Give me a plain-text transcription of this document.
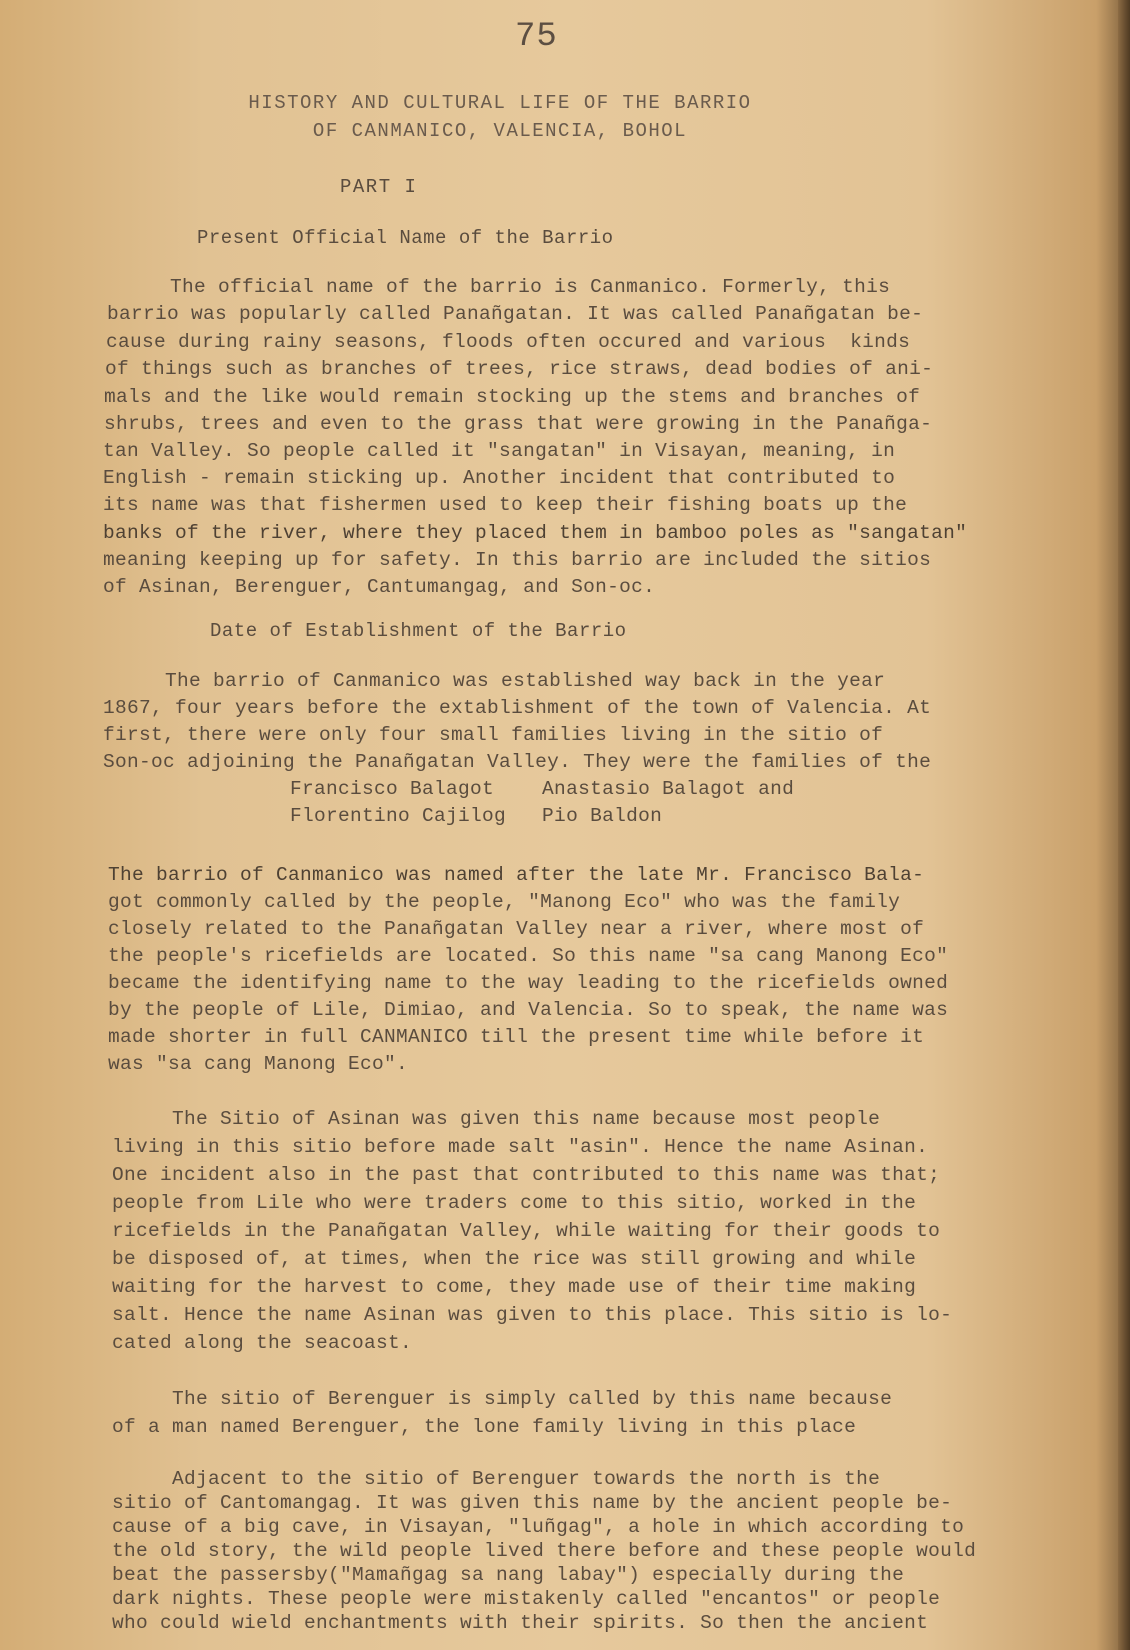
75
HISTORY AND CULTURAL LIFE OF THE BARRIO
OF CANMANICO, VALENCIA, BOHOL
PART I
Present Official Name of the Barrio
Date of Establishment of the Barrio
The official name of the barrio is Canmanico. Formerly, this
barrio was popularly called Panañgatan. It was called Panañgatan be-
cause during rainy seasons, floods often occured and various  kinds
of things such as branches of trees, rice straws, dead bodies of ani-
mals and the like would remain stocking up the stems and branches of
shrubs, trees and even to the grass that were growing in the Panañga-
tan Valley. So people called it "sangatan" in Visayan, meaning, in
English - remain sticking up. Another incident that contributed to
its name was that fishermen used to keep their fishing boats up the
banks of the river, where they placed them in bamboo poles as "sangatan"
meaning keeping up for safety. In this barrio are included the sitios
of Asinan, Berenguer, Cantumangag, and Son-oc.
The barrio of Canmanico was established way back in the year
1867, four years before the extablishment of the town of Valencia. At
first, there were only four small families living in the sitio of
Son-oc adjoining the Panañgatan Valley. They were the families of the
Francisco Balagot    Anastasio Balagot and
Florentino Cajilog   Pio Baldon
The barrio of Canmanico was named after the late Mr. Francisco Bala-
got commonly called by the people, "Manong Eco" who was the family
closely related to the Panañgatan Valley near a river, where most of
the people's ricefields are located. So this name "sa cang Manong Eco"
became the identifying name to the way leading to the ricefields owned
by the people of Lile, Dimiao, and Valencia. So to speak, the name was
made shorter in full CANMANICO till the present time while before it
was "sa cang Manong Eco".
The Sitio of Asinan was given this name because most people
living in this sitio before made salt "asin". Hence the name Asinan.
One incident also in the past that contributed to this name was that;
people from Lile who were traders come to this sitio, worked in the
ricefields in the Panañgatan Valley, while waiting for their goods to
be disposed of, at times, when the rice was still growing and while
waiting for the harvest to come, they made use of their time making
salt. Hence the name Asinan was given to this place. This sitio is lo-
cated along the seacoast.
The sitio of Berenguer is simply called by this name because
of a man named Berenguer, the lone family living in this place
Adjacent to the sitio of Berenguer towards the north is the
sitio of Cantomangag. It was given this name by the ancient people be-
cause of a big cave, in Visayan, "luñgag", a hole in which according to
the old story, the wild people lived there before and these people would
beat the passersby("Mamañgag sa nang labay") especially during the
dark nights. These people were mistakenly called "encantos" or people
who could wield enchantments with their spirits. So then the ancient
